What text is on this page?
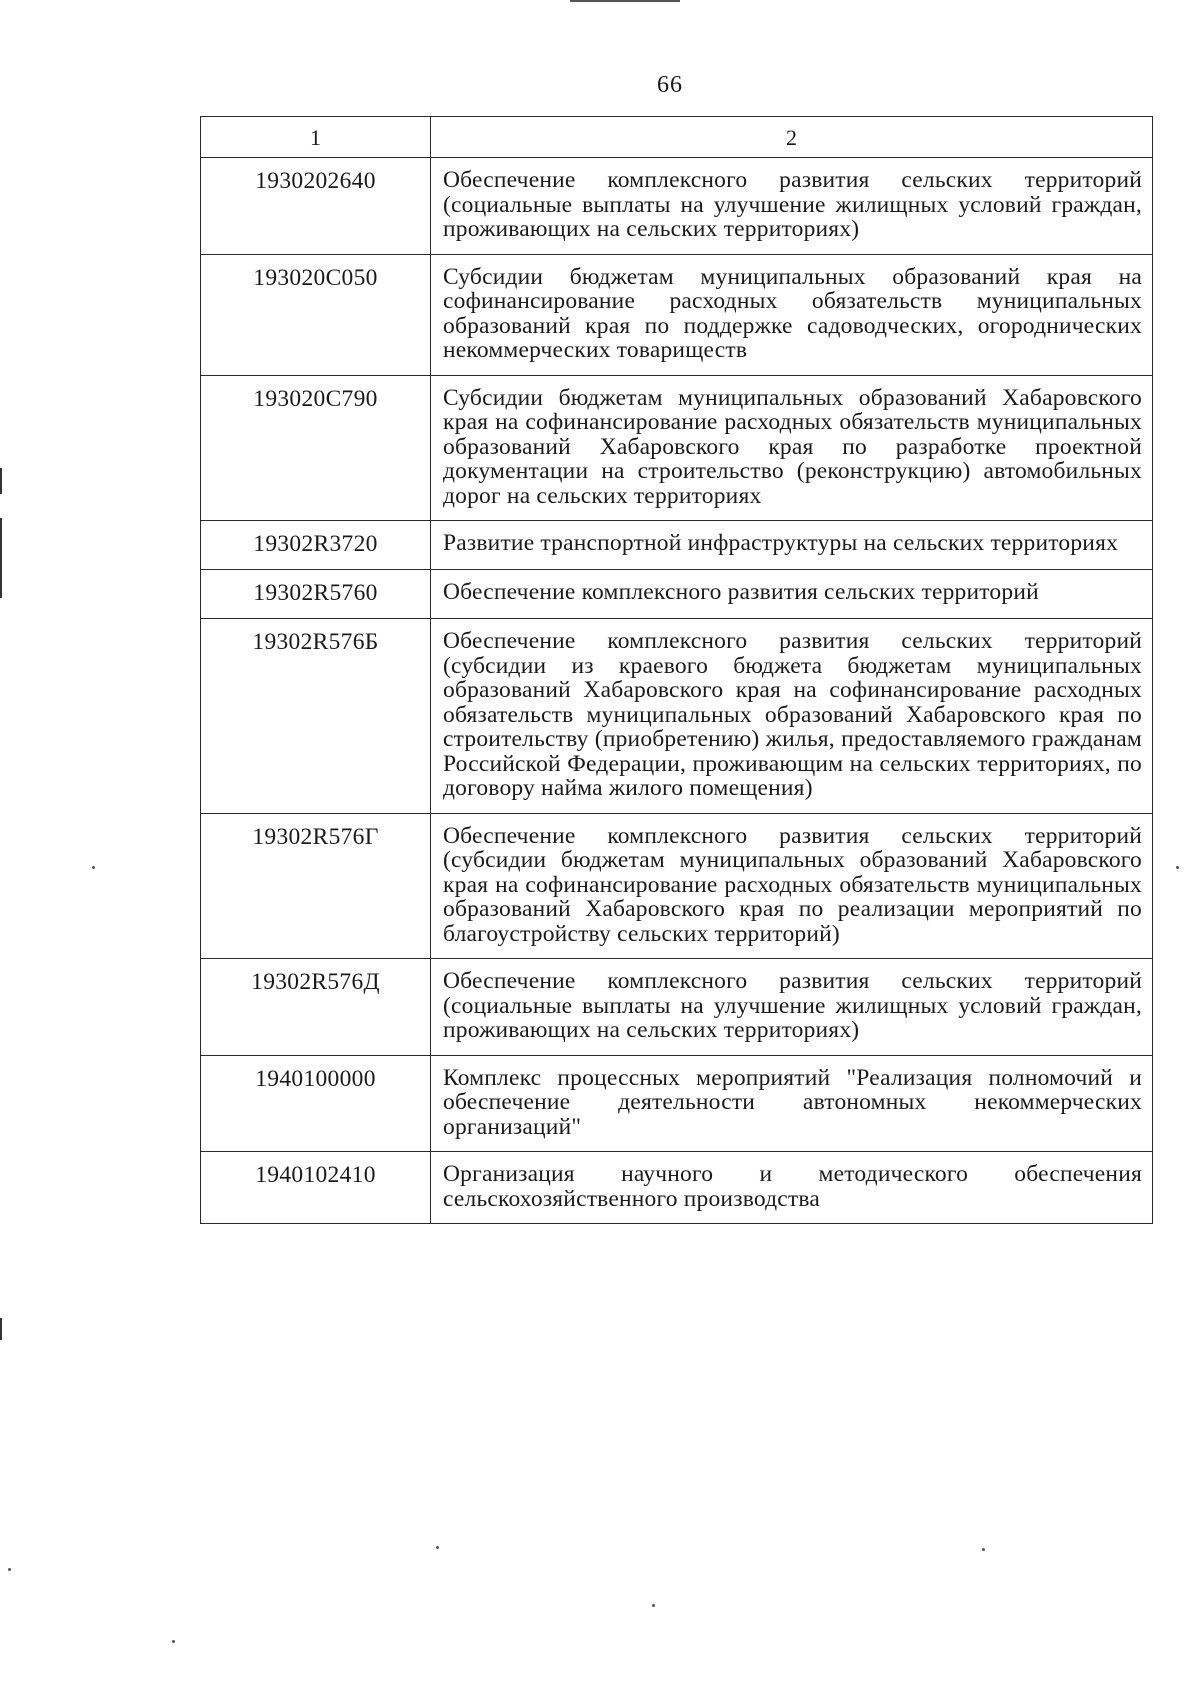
66
1	2
1930202640	Обеспечение комплексного развития сельских территорий (социальные выплаты на улучшение жилищных условий граждан, проживающих на сельских территориях)
193020С050	Субсидии бюджетам муниципальных образований края на софинансирование расходных обязательств муниципальных образований края по поддержке садоводческих, огороднических некоммерческих товариществ
193020С790	Субсидии бюджетам муниципальных образований Хабаровского края на софинансирование расходных обязательств муниципальных образований Хабаровского края по разработке проектной документации на строительство (реконструкцию) автомобильных дорог на сельских территориях
19302R3720	Развитие транспортной инфраструктуры на сельских территориях
19302R5760	Обеспечение комплексного развития сельских территорий
19302R576Б	Обеспечение комплексного развития сельских территорий (субсидии из краевого бюджета бюджетам муниципальных образований Хабаровского края на софинансирование расходных обязательств муниципальных образований Хабаровского края по строительству (приобретению) жилья, предоставляемого гражданам Российской Федерации, проживающим на сельских территориях, по договору найма жилого помещения)
19302R576Г	Обеспечение комплексного развития сельских территорий (субсидии бюджетам муниципальных образований Хабаровского края на софинансирование расходных обязательств муниципальных образований Хабаровского края по реализации мероприятий по благоустройству сельских территорий)
19302R576Д	Обеспечение комплексного развития сельских территорий (социальные выплаты на улучшение жилищных условий граждан, проживающих на сельских территориях)
1940100000	Комплекс процессных мероприятий "Реализация полномочий и обеспечение деятельности автономных некоммерческих организаций"
1940102410	Организация научного и методического обеспечения сельскохозяйственного производства
